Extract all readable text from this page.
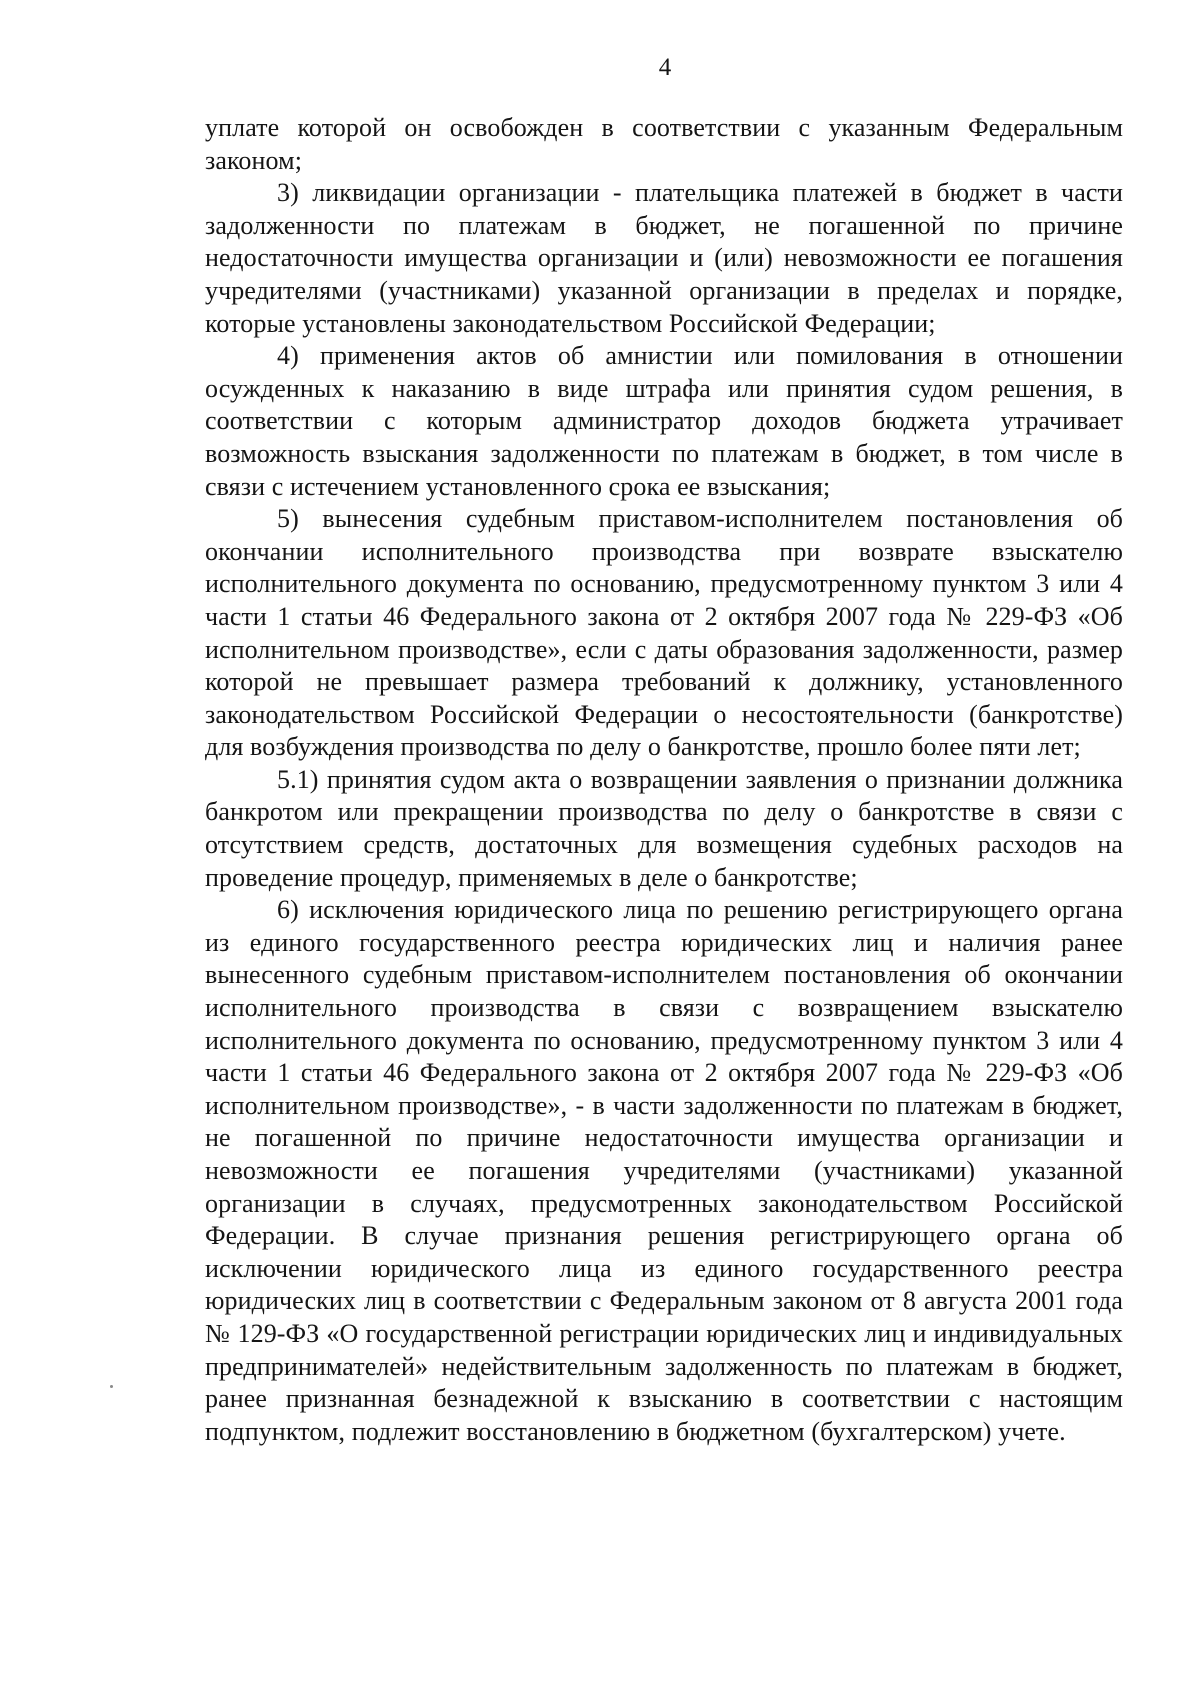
4

уплате которой он освобожден в соответствии с указанным Федеральным законом;

3) ликвидации организации - плательщика платежей в бюджет в части задолженности по платежам в бюджет, не погашенной по причине недостаточности имущества организации и (или) невозможности ее погашения учредителями (участниками) указанной организации в пределах и порядке, которые установлены законодательством Российской Федерации;

4) применения актов об амнистии или помилования в отношении осужденных к наказанию в виде штрафа или принятия судом решения, в соответствии с которым администратор доходов бюджета утрачивает возможность взыскания задолженности по платежам в бюджет, в том числе в связи с истечением установленного срока ее взыскания;

5) вынесения судебным приставом-исполнителем постановления об окончании исполнительного производства при возврате взыскателю исполнительного документа по основанию, предусмотренному пунктом 3 или 4 части 1 статьи 46 Федерального закона от 2 октября 2007 года № 229-ФЗ «Об исполнительном производстве», если с даты образования задолженности, размер которой не превышает размера требований к должнику, установленного законодательством Российской Федерации о несостоятельности (банкротстве) для возбуждения производства по делу о банкротстве, прошло более пяти лет;

5.1) принятия судом акта о возвращении заявления о признании должника банкротом или прекращении производства по делу о банкротстве в связи с отсутствием средств, достаточных для возмещения судебных расходов на проведение процедур, применяемых в деле о банкротстве;

6) исключения юридического лица по решению регистрирующего органа из единого государственного реестра юридических лиц и наличия ранее вынесенного судебным приставом-исполнителем постановления об окончании исполнительного производства в связи с возвращением взыскателю исполнительного документа по основанию, предусмотренному пунктом 3 или 4 части 1 статьи 46 Федерального закона от 2 октября 2007 года № 229-ФЗ «Об исполнительном производстве», - в части задолженности по платежам в бюджет, не погашенной по причине недостаточности имущества организации и невозможности ее погашения учредителями (участниками) указанной организации в случаях, предусмотренных законодательством Российской Федерации. В случае признания решения регистрирующего органа об исключении юридического лица из единого государственного реестра юридических лиц в соответствии с Федеральным законом от 8 августа 2001 года № 129-ФЗ «О государственной регистрации юридических лиц и индивидуальных предпринимателей» недействительным задолженность по платежам в бюджет, ранее признанная безнадежной к взысканию в соответствии с настоящим подпунктом, подлежит восстановлению в бюджетном (бухгалтерском) учете.
